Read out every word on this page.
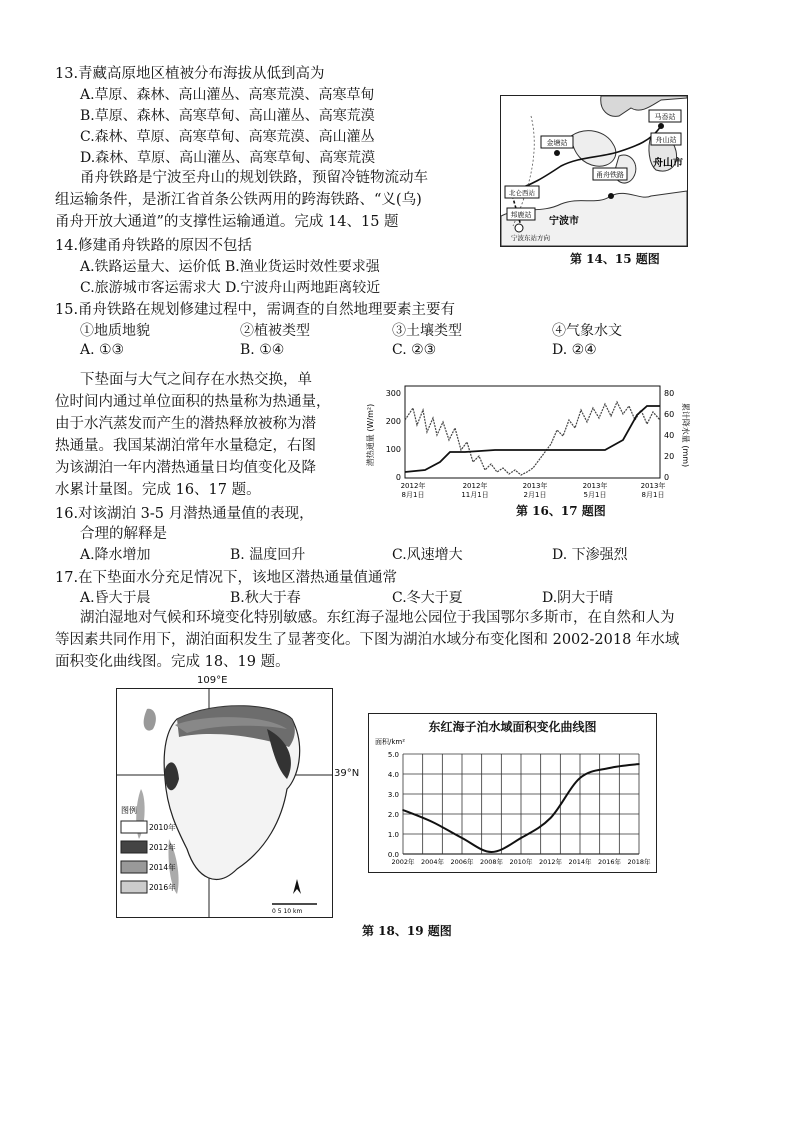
13.青藏高原地区植被分布海拔从低到高为
A.草原、森林、高山灌丛、高寒荒漠、高寒草甸
B.草原、森林、高寒草甸、高山灌丛、高寒荒漠
C.森林、草原、高寒草甸、高寒荒漠、高山灌丛
D.森林、草原、高山灌丛、高寒草甸、高寒荒漠
甬舟铁路是宁波至舟山的规划铁路，预留冷链物流动车
组运输条件，是浙江省首条公铁两用的跨海铁路、“义(乌)
甬舟开放大通道”的支撑性运输通道。完成 14、15 题
14.修建甬舟铁路的原因不包括
A.铁路运量大、运价低 B.渔业货运时效性要求强
C.旅游城市客运需求大 D.宁波舟山两地距离较近
15.甬舟铁路在规划修建过程中，需调查的自然地理要素主要有
①地质地貌	②植被类型	③土壤类型	④气象水文
A. ①③	B. ①④	C. ②③	D. ②④
马岙站
金塘站	舟山站
舟山市
北仑西站
甬舟铁路
邦鹿站
宁波市
宁波东站方向
第 14、15 题图
下垫面与大气之间存在水热交换，单
位时间内通过单位面积的热量称为热通量，
由于水汽蒸发而产生的潜热释放被称为潜
热通量。我国某湖泊常年水量稳定，右图
为该湖泊一年内潜热通量日均值变化及降
水累计量图。完成 16、17 题。
潜热通量 (W/m²)	累计降水量 (mm)
0
100
200
300
0
20
40
60
80
2012年
8月1日
2012年
11月1日
2013年
2月1日
2013年
5月1日
2013年
8月1日
第 16、17 题图
16.对该湖泊 3-5 月潜热通量值的表现，
合理的解释是
A.降水增加	B. 温度回升	C.风速增大	D. 下渗强烈
17.在下垫面水分充足情况下，该地区潜热通量值通常
A.昏大于晨	B.秋大于春	C.冬大于夏	D.阴大于晴
湖泊湿地对气候和环境变化特别敏感。东红海子湿地公园位于我国鄂尔多斯市，在自然和人为
等因素共同作用下，湖泊面积发生了显著变化。下图为湖泊水域分布变化图和 2002-2018 年水域
面积变化曲线图。完成 18、19 题。
109°E
图例
2010年
2012年
2014年
2016年
0 5 10 km
39°N
东红海子泊水域面积变化曲线图
面积/km²
0.0
1.0
2.0
3.0
4.0
5.0
2002年 2004年 2006年 2008年 2010年 2012年 2014年 2016年 2018年
第 18、19 题图
